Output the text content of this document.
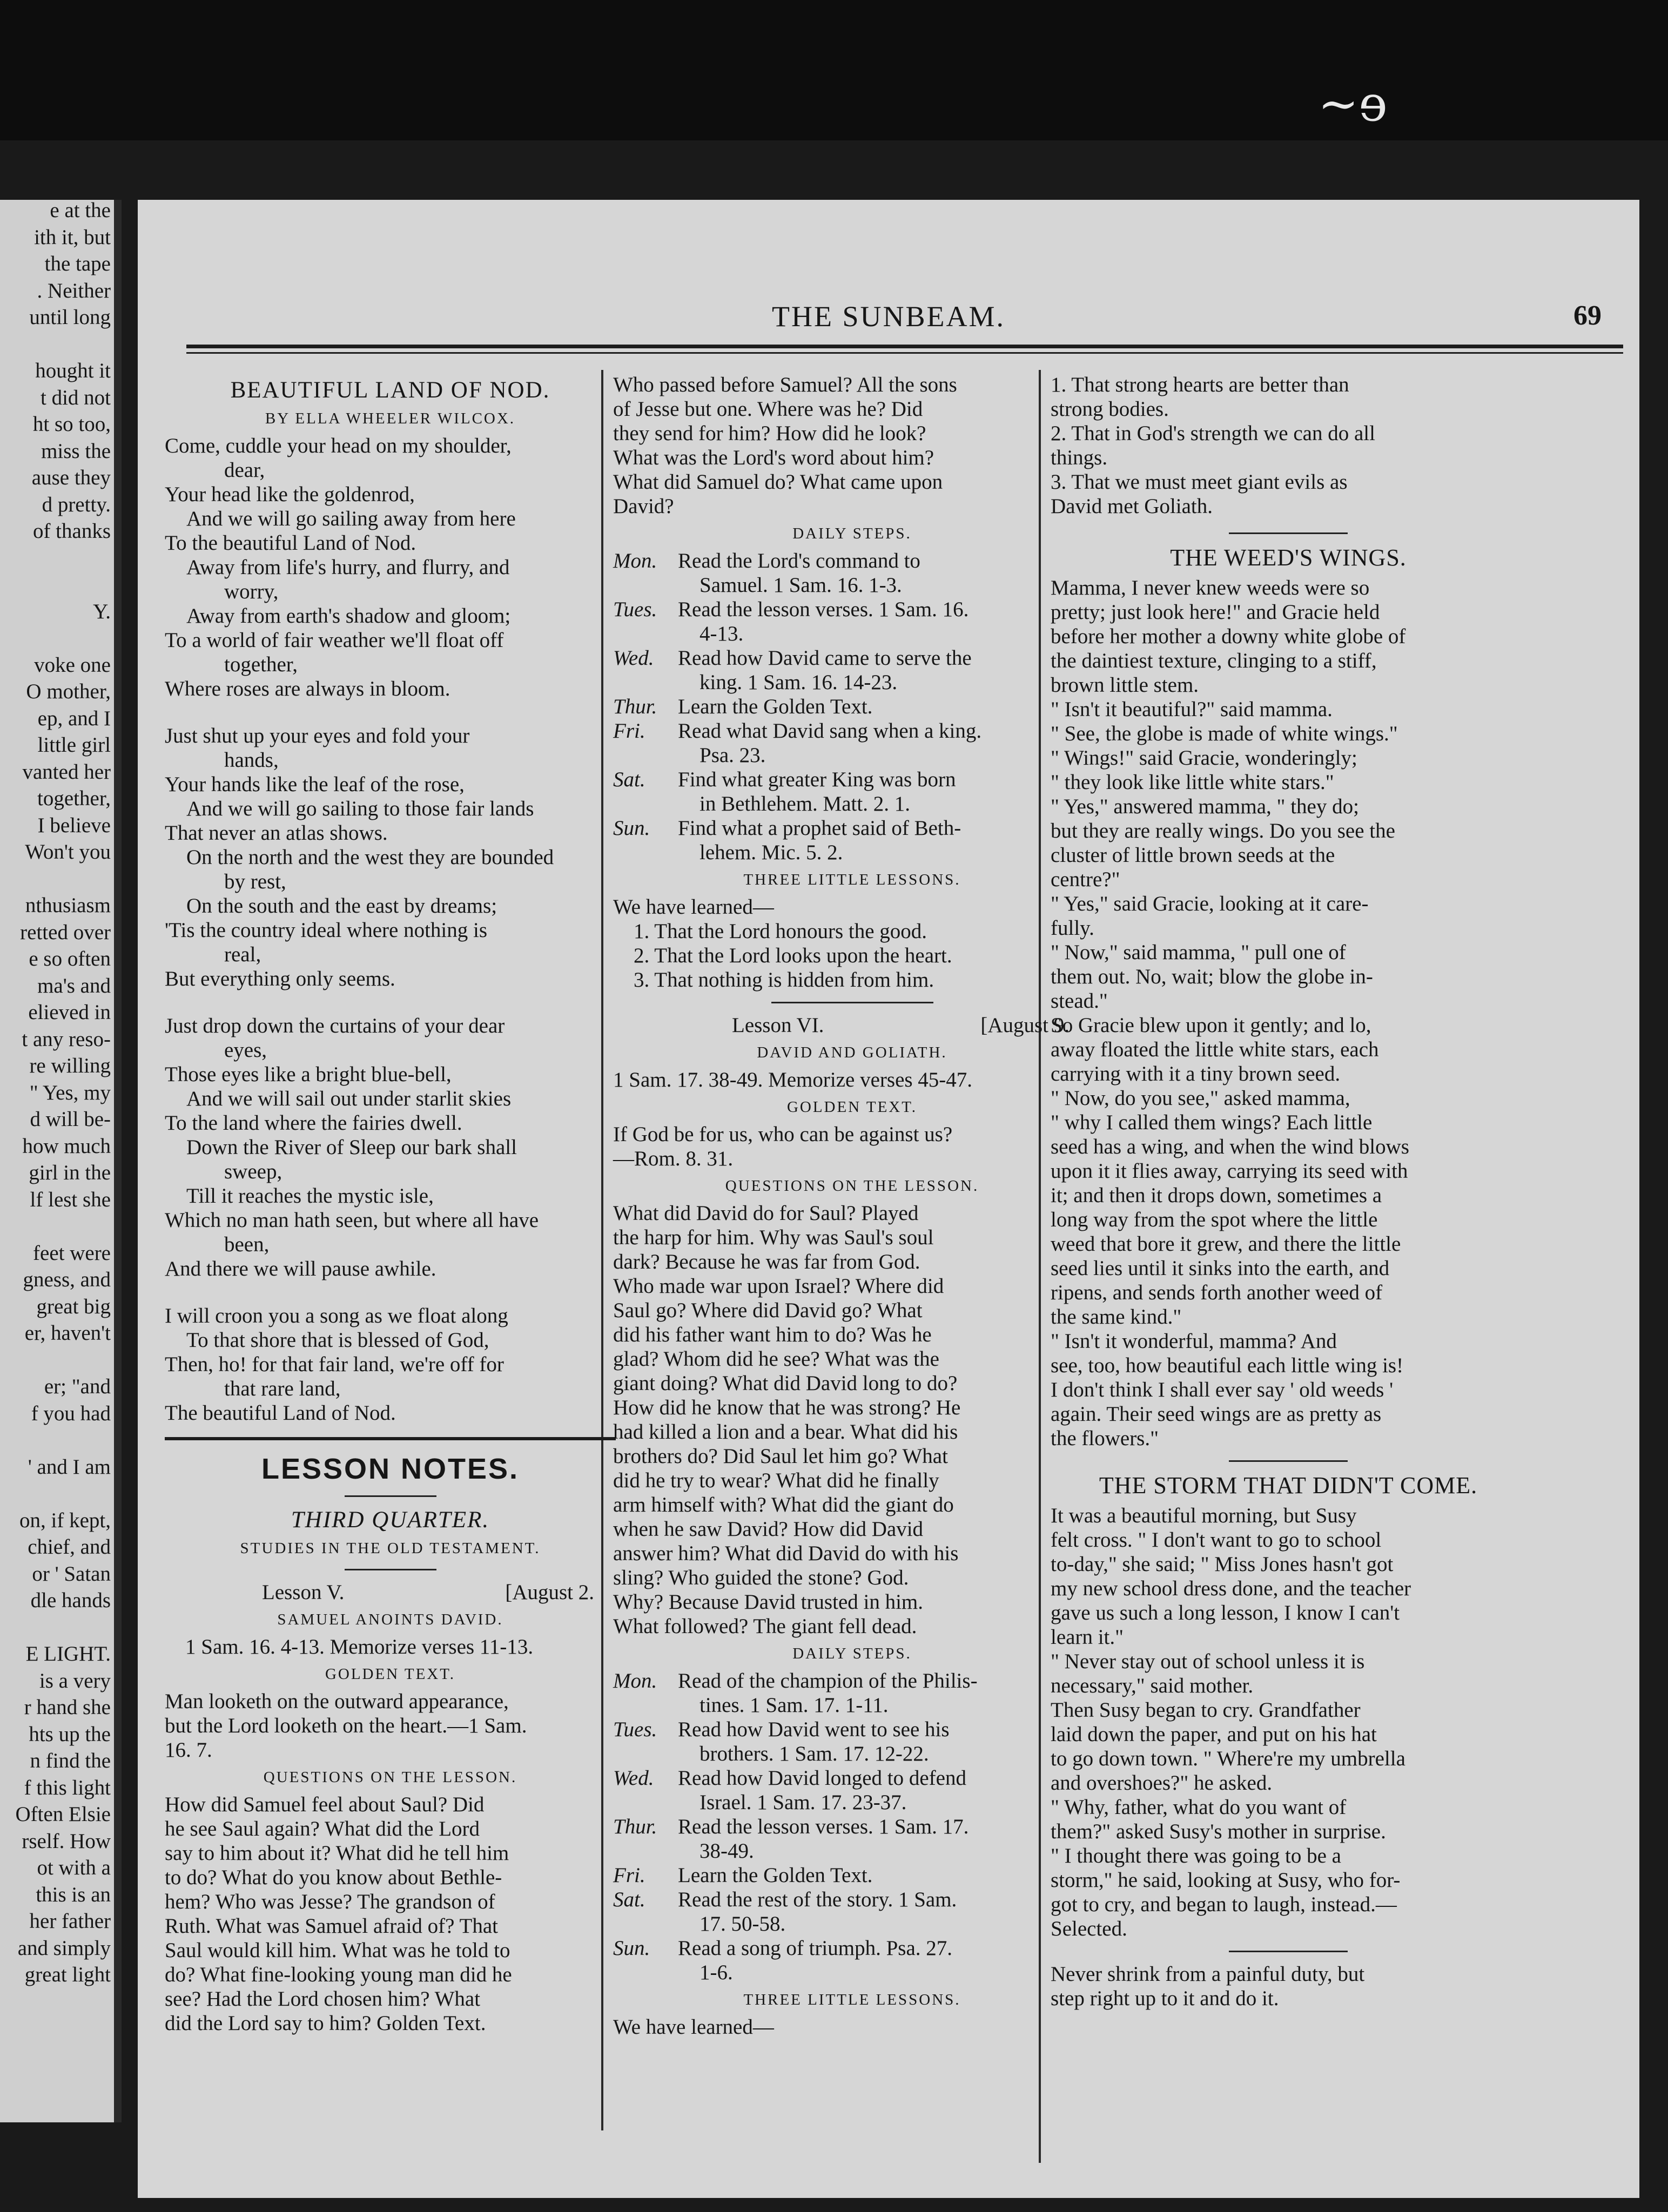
~ɘ
e at the
ith it, but
the tape
. Neither
until long
hought it
t did not
ht so too,
miss the
ause they
d pretty.
of thanks
Y.
voke one
O mother,
ep, and I
little girl
vanted her
together,
I believe
Won't you
nthusiasm
retted over
e so often
ma's and
elieved in
t any reso-
re willing
" Yes, my
d will be-
how much
girl in the
lf lest she
feet were
gness, and
great big
er, haven't
er; "and
f you had
' and I am
on, if kept,
chief, and
or ' Satan
dle hands
E LIGHT.
is a very
r hand she
hts up the
n find the
f this light
Often Elsie
rself. How
ot with a
this is an
her father
and simply
great light
THE SUNBEAM.	69
BEAUTIFUL LAND OF NOD.
BY ELLA WHEELER WILCOX.
Come, cuddle your head on my shoulder,
dear,
Your head like the goldenrod,
And we will go sailing away from here
To the beautiful Land of Nod.
Away from life's hurry, and flurry, and
worry,
Away from earth's shadow and gloom;
To a world of fair weather we'll float off
together,
Where roses are always in bloom.
Just shut up your eyes and fold your
hands,
Your hands like the leaf of the rose,
And we will go sailing to those fair lands
That never an atlas shows.
On the north and the west they are bounded
by rest,
On the south and the east by dreams;
'Tis the country ideal where nothing is
real,
But everything only seems.
Just drop down the curtains of your dear
eyes,
Those eyes like a bright blue-bell,
And we will sail out under starlit skies
To the land where the fairies dwell.
Down the River of Sleep our bark shall
sweep,
Till it reaches the mystic isle,
Which no man hath seen, but where all have
been,
And there we will pause awhile.
I will croon you a song as we float along
To that shore that is blessed of God,
Then, ho! for that fair land, we're off for
that rare land,
The beautiful Land of Nod.
LESSON NOTES.
THIRD QUARTER.
STUDIES IN THE OLD TESTAMENT.
Lesson V.	[August 2.
SAMUEL ANOINTS DAVID.
1 Sam. 16. 4-13. Memorize verses 11-13.
GOLDEN TEXT.
Man looketh on the outward appearance,
but the Lord looketh on the heart.—1 Sam.
16. 7.
QUESTIONS ON THE LESSON.
How did Samuel feel about Saul? Did
he see Saul again? What did the Lord
say to him about it? What did he tell him
to do? What do you know about Bethle-
hem? Who was Jesse? The grandson of
Ruth. What was Samuel afraid of? That
Saul would kill him. What was he told to
do? What fine-looking young man did he
see? Had the Lord chosen him? What
did the Lord say to him? Golden Text.
Who passed before Samuel? All the sons
of Jesse but one. Where was he? Did
they send for him? How did he look?
What was the Lord's word about him?
What did Samuel do? What came upon
David?
DAILY STEPS.
Mon. Read the Lord's command to
Samuel. 1 Sam. 16. 1-3.
Tues. Read the lesson verses. 1 Sam. 16.
4-13.
Wed.	Read how David came to serve the
king. 1 Sam. 16. 14-23.
Thur. Learn the Golden Text.
Fri.	Read what David sang when a king.
Psa. 23.
Sat.	Find what greater King was born
in Bethlehem. Matt. 2. 1.
Sun.	Find what a prophet said of Beth-
lehem. Mic. 5. 2.
THREE LITTLE LESSONS.
We have learned—
1. That the Lord honours the good.
2. That the Lord looks upon the heart.
3. That nothing is hidden from him.
Lesson VI.	[August 9.
DAVID AND GOLIATH.
1 Sam. 17. 38-49. Memorize verses 45-47.
GOLDEN TEXT.
If God be for us, who can be against us?
—Rom. 8. 31.
QUESTIONS ON THE LESSON.
What did David do for Saul? Played
the harp for him. Why was Saul's soul
dark? Because he was far from God.
Who made war upon Israel? Where did
Saul go? Where did David go? What
did his father want him to do? Was he
glad? Whom did he see? What was the
giant doing? What did David long to do?
How did he know that he was strong? He
had killed a lion and a bear. What did his
brothers do? Did Saul let him go? What
did he try to wear? What did he finally
arm himself with? What did the giant do
when he saw David? How did David
answer him? What did David do with his
sling? Who guided the stone? God.
Why? Because David trusted in him.
What followed? The giant fell dead.
DAILY STEPS.
Mon. Read of the champion of the Philis-
tines. 1 Sam. 17. 1-11.
Tues. Read how David went to see his
brothers. 1 Sam. 17. 12-22.
Wed.	Read how David longed to defend
Israel. 1 Sam. 17. 23-37.
Thur. Read the lesson verses. 1 Sam. 17.
38-49.
Fri.	Learn the Golden Text.
Sat.	Read the rest of the story. 1 Sam.
17. 50-58.
Sun.	Read a song of triumph. Psa. 27.
1-6.
THREE LITTLE LESSONS.
We have learned—
1. That strong hearts are better than
strong bodies.
2. That in God's strength we can do all
things.
3. That we must meet giant evils as
David met Goliath.
THE WEED'S WINGS.
Mamma, I never knew weeds were so
pretty; just look here!" and Gracie held
before her mother a downy white globe of
the daintiest texture, clinging to a stiff,
brown little stem.
" Isn't it beautiful?" said mamma.
" See, the globe is made of white wings."
" Wings!" said Gracie, wonderingly;
" they look like little white stars."
" Yes," answered mamma, " they do;
but they are really wings. Do you see the
cluster of little brown seeds at the
centre?"
" Yes," said Gracie, looking at it care-
fully.
" Now," said mamma, " pull one of
them out. No, wait; blow the globe in-
stead."
So Gracie blew upon it gently; and lo,
away floated the little white stars, each
carrying with it a tiny brown seed.
" Now, do you see," asked mamma,
" why I called them wings? Each little
seed has a wing, and when the wind blows
upon it it flies away, carrying its seed with
it; and then it drops down, sometimes a
long way from the spot where the little
weed that bore it grew, and there the little
seed lies until it sinks into the earth, and
ripens, and sends forth another weed of
the same kind."
" Isn't it wonderful, mamma? And
see, too, how beautiful each little wing is!
I don't think I shall ever say ' old weeds '
again. Their seed wings are as pretty as
the flowers."
THE STORM THAT DIDN'T COME.
It was a beautiful morning, but Susy
felt cross. " I don't want to go to school
to-day," she said; " Miss Jones hasn't got
my new school dress done, and the teacher
gave us such a long lesson, I know I can't
learn it."
" Never stay out of school unless it is
necessary," said mother.
Then Susy began to cry. Grandfather
laid down the paper, and put on his hat
to go down town. " Where're my umbrella
and overshoes?" he asked.
" Why, father, what do you want of
them?" asked Susy's mother in surprise.
" I thought there was going to be a
storm," he said, looking at Susy, who for-
got to cry, and began to laugh, instead.—
Selected.
Never shrink from a painful duty, but
step right up to it and do it.
